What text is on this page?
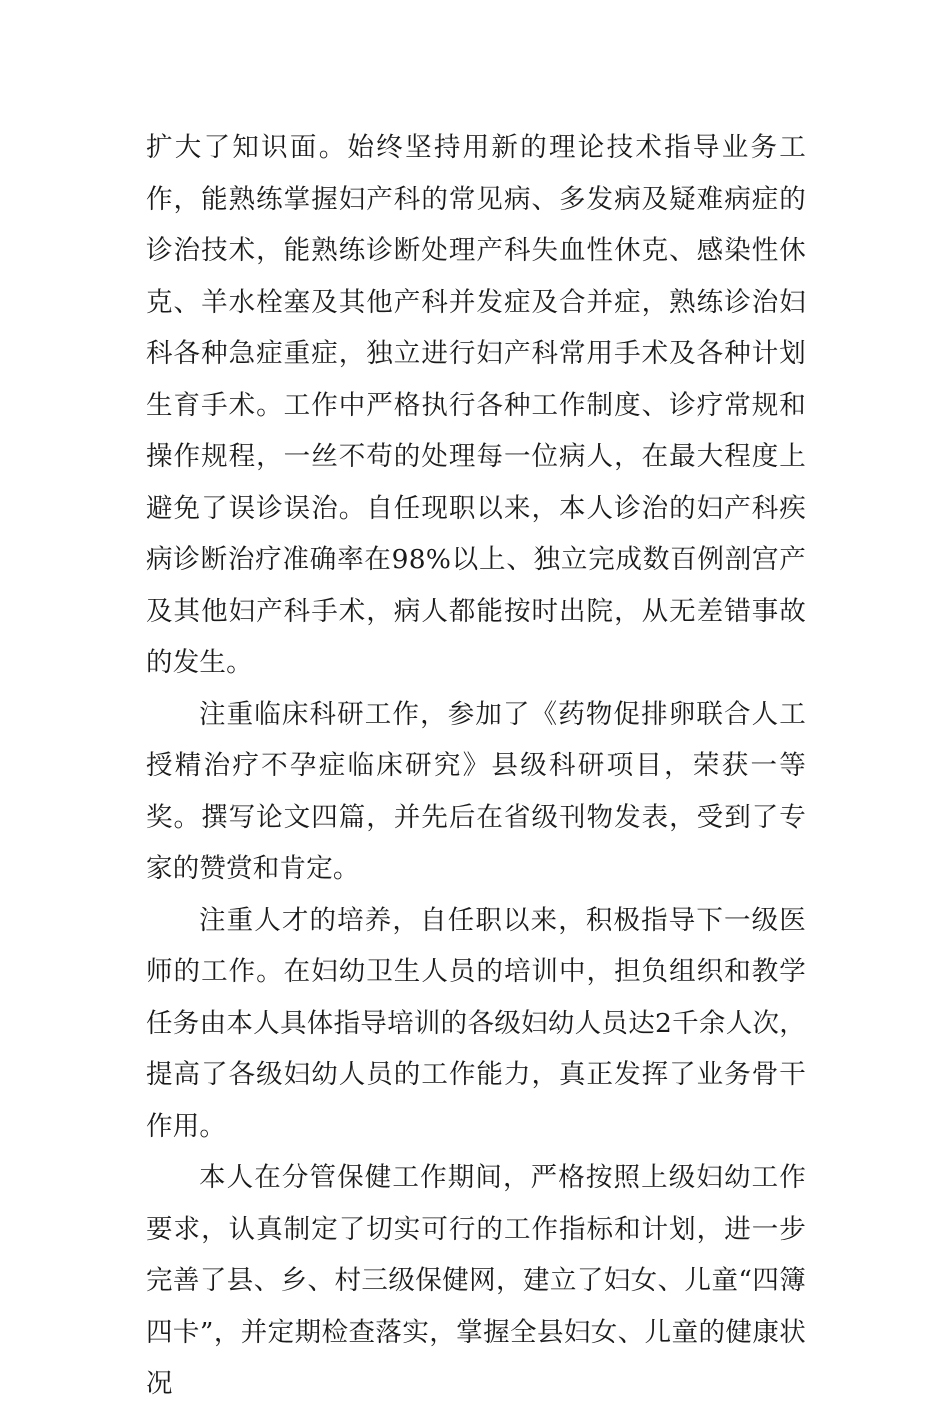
扩大了知识面。始终坚持用新的理论技术指导业务工作，能熟练掌握妇产科的常见病、多发病及疑难病症的诊治技术，能熟练诊断处理产科失血性休克、感染性休克、羊水栓塞及其他产科并发症及合并症，熟练诊治妇科各种急症重症，独立进行妇产科常用手术及各种计划生育手术。工作中严格执行各种工作制度、诊疗常规和操作规程，一丝不苟的处理每一位病人，在最大程度上避免了误诊误治。自任现职以来，本人诊治的妇产科疾病诊断治疗准确率在98%以上、独立完成数百例剖宫产及其他妇产科手术，病人都能按时出院，从无差错事故的发生。

注重临床科研工作，参加了《药物促排卵联合人工授精治疗不孕症临床研究》县级科研项目，荣获一等奖。撰写论文四篇，并先后在省级刊物发表，受到了专家的赞赏和肯定。

注重人才的培养，自任职以来，积极指导下一级医师的工作。在妇幼卫生人员的培训中，担负组织和教学任务由本人具体指导培训的各级妇幼人员达2千余人次，提高了各级妇幼人员的工作能力，真正发挥了业务骨干作用。

本人在分管保健工作期间，严格按照上级妇幼工作要求，认真制定了切实可行的工作指标和计划，进一步完善了县、乡、村三级保健网，建立了妇女、儿童“四簿四卡”，并定期检查落实，掌握全县妇女、儿童的健康状况
